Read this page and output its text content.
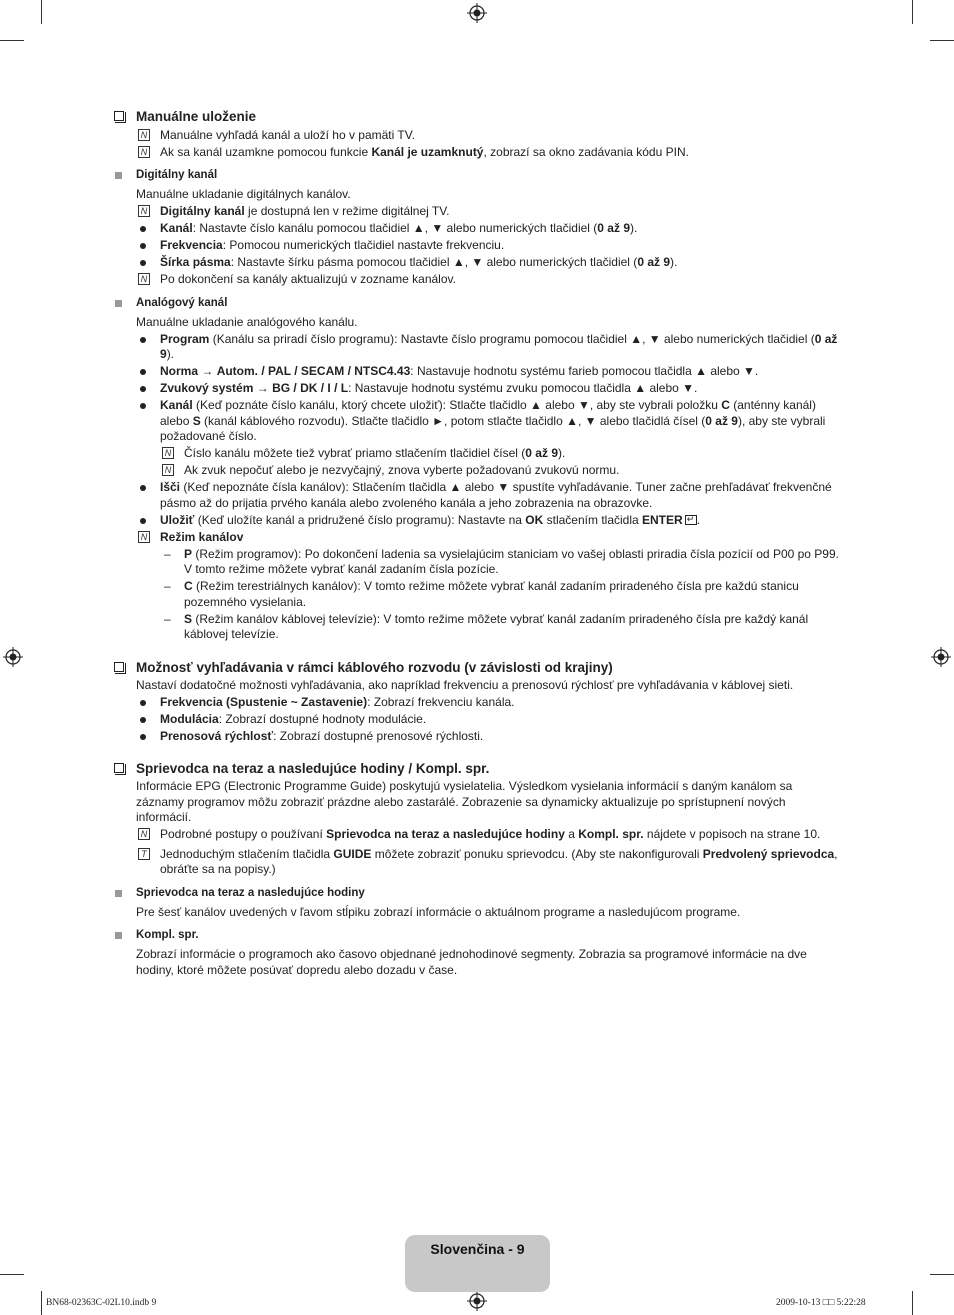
Manuálne uloženie
N Manuálne vyhľadá kanál a uloží ho v pamäti TV.
N Ak sa kanál uzamkne pomocou funkcie Kanál je uzamknutý, zobrazí sa okno zadávania kódu PIN.
Digitálny kanál
Manuálne ukladanie digitálnych kanálov.
N Digitálny kanál je dostupná len v režime digitálnej TV.
Kanál: Nastavte číslo kanálu pomocou tlačidiel ▲, ▼ alebo numerických tlačidiel (0 až 9).
Frekvencia: Pomocou numerických tlačidiel nastavte frekvenciu.
Šírka pásma: Nastavte šírku pásma pomocou tlačidiel ▲, ▼ alebo numerických tlačidiel (0 až 9).
N Po dokončení sa kanály aktualizujú v zozname kanálov.
Analógový kanál
Manuálne ukladanie analógového kanálu.
Program (Kanálu sa priradí číslo programu): Nastavte číslo programu pomocou tlačidiel ▲, ▼ alebo numerických tlačidiel (0 až 9).
Norma → Autom. / PAL / SECAM / NTSC4.43: Nastavuje hodnotu systému farieb pomocou tlačidla ▲ alebo ▼.
Zvukový systém → BG / DK / I / L: Nastavuje hodnotu systému zvuku pomocou tlačidla ▲ alebo ▼.
Kanál (Keď poznáte číslo kanálu, ktorý chcete uložiť): Stlačte tlačidlo ▲ alebo ▼, aby ste vybrali položku C (anténny kanál) alebo S (kanál káblového rozvodu). Stlačte tlačidlo ►, potom stlačte tlačidlo ▲, ▼ alebo tlačidlá čísel (0 až 9), aby ste vybrali požadované číslo.
N Číslo kanálu môžete tiež vybrať priamo stlačením tlačidiel čísel (0 až 9).
N Ak zvuk nepočuť alebo je nezvyčajný, znova vyberte požadovanú zvukovú normu.
Išči (Keď nepoznáte čísla kanálov): Stlačením tlačidla ▲ alebo ▼ spustíte vyhľadávanie. Tuner začne prehľadávať frekvenčné pásmo až do prijatia prvého kanála alebo zvoleného kanála a jeho zobrazenia na obrazovke.
Uložiť (Keď uložíte kanál a pridružené číslo programu): Nastavte na OK stlačením tlačidla ENTER↵ .
N Režim kanálov
– P (Režim programov): Po dokončení ladenia sa vysielajúcim staniciam vo vašej oblasti priradia čísla pozícií od P00 po P99. V tomto režime môžete vybrať kanál zadaním čísla pozície.
– C (Režim terestriálnych kanálov): V tomto režime môžete vybrať kanál zadaním priradeného čísla pre každú stanicu pozemného vysielania.
– S (Režim kanálov káblovej televízie): V tomto režime môžete vybrať kanál zadaním priradeného čísla pre každý kanál káblovej televízie.
Možnosť vyhľadávania v rámci káblového rozvodu (v závislosti od krajiny)
Nastaví dodatočné možnosti vyhľadávania, ako napríklad frekvenciu a prenosovú rýchlosť pre vyhľadávania v káblovej sieti.
Frekvencia (Spustenie ~ Zastavenie): Zobrazí frekvenciu kanála.
Modulácia: Zobrazí dostupné hodnoty modulácie.
Prenosová rýchlosť: Zobrazí dostupné prenosové rýchlosti.
Sprievodca na teraz a nasledujúce hodiny / Kompl. spr.
Informácie EPG (Electronic Programme Guide) poskytujú vysielatelia. Výsledkom vysielania informácií s daným kanálom sa záznamy programov môžu zobraziť prázdne alebo zastarálé. Zobrazenie sa dynamicky aktualizuje po sprístupnení nových informácií.
N Podrobné postupy o používaní Sprievodca na teraz a nasledujúce hodiny a Kompl. spr. nájdete v popisoch na strane 10.
T Jednoduchým stlačením tlačidla GUIDE môžete zobraziť ponuku sprievodcu. (Aby ste nakonfigurovali Predvolený sprievodca, obráťte sa na popisy.)
Sprievodca na teraz a nasledujúce hodiny
Pre šesť kanálov uvedených v ľavom stĺpiku zobrazí informácie o aktuálnom programe a nasledujúcom programe.
Kompl. spr.
Zobrazí informácie o programoch ako časovo objednané jednohodinové segmenty. Zobrazia sa programové informácie na dve hodiny, ktoré môžete posúvať dopredu alebo dozadu v čase.
Slovenčina - 9
BN68-02363C-02L10.indb 9	2009-10-13 □□ 5:22:28
